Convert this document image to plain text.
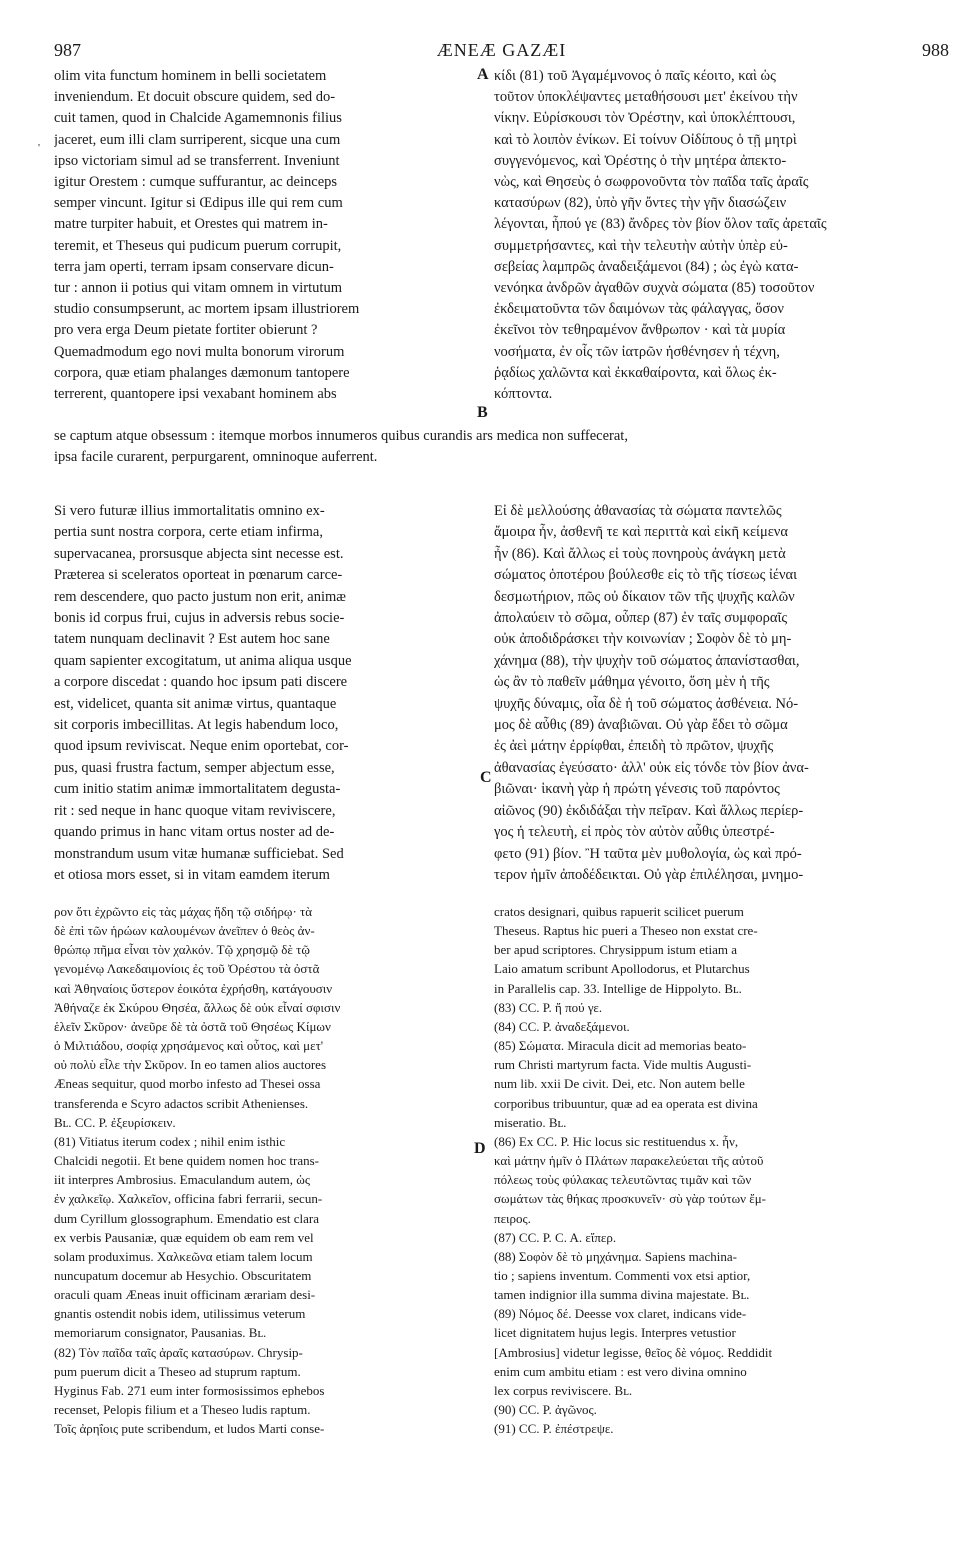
987	ÆNEÆ GAZÆI	988
'
olim vita functum hominem in belli societatem
inveniendum. Et docuit obscure quidem, sed do-
cuit tamen, quod in Chalcide Agamemnonis filius
jaceret, eum illi clam surriperent, sicque una cum
ipso victoriam simul ad se transferrent. Inveniunt
igitur Orestem : cumque suffurantur, ac deinceps
semper vincunt. Igitur si Œdipus ille qui rem cum
matre turpiter habuit, et Orestes qui matrem in-
teremit, et Theseus qui pudicum puerum corrupit,
terra jam operti, terram ipsam conservare dicun-
tur : annon ii potius qui vitam omnem in virtutum
studio consumpserunt, ac mortem ipsam illustriorem
pro vera erga Deum pietate fortiter obierunt ?
Quemadmodum ego novi multa bonorum virorum
corpora, quæ etiam phalanges dæmonum tantopere
terrerent, quantopere ipsi vexabant hominem abs
κίδι (81) τοῦ Ἀγαμέμνονος ὁ παῖς κέοιτο, καὶ ὡς
τοῦτον ὑποκλέψαντες μεταθήσουσι μετ' ἐκείνου τὴν
νίκην. Εὑρίσκουσι τὸν Ὀρέστην, καὶ ὑποκλέπτουσι,
καὶ τὸ λοιπὸν ἐνίκων. Εἰ τοίνυν Οἰδίπους ὁ τῇ μητρὶ
συγγενόμενος, καὶ Ὀρέστης ὁ τὴν μητέρα ἀπεκτο-
νὼς, καὶ Θησεὺς ὁ σωφρονοῦντα τὸν παῖδα ταῖς ἀραῖς
κατασύρων (82), ὑπὸ γῆν ὄντες τὴν γῆν διασώζειν
λέγονται, ἦπού γε (83) ἄνδρες τὸν βίον ὅλον ταῖς ἀρεταῖς
συμμετρήσαντες, καὶ τὴν τελευτὴν αὐτὴν ὑπὲρ εὐ-
σεβείας λαμπρῶς ἀναδειξάμενοι (84) ; ὡς ἐγὼ κατα-
νενόηκα ἀνδρῶν ἀγαθῶν συχνὰ σώματα (85) τοσοῦτον
ἐκδειματοῦντα τῶν δαιμόνων τὰς φάλαγγας, ὅσον
ἐκεῖνοι τὸν τεθηραμένον ἄνθρωπον · καὶ τὰ μυρία
νοσήματα, ἐν οἷς τῶν ἰατρῶν ἡσθένησεν ἡ τέχνη,
ῥᾳδίως χαλῶντα καὶ ἐκκαθαίροντα, καὶ ὅλως ἐκ-
κόπτοντα.
A
B
se captum atque obsessum : itemque morbos innumeros quibus curandis ars medica non suffecerat,
ipsa facile curarent, perpurgarent, omninoque auferrent.
Si vero futuræ illius immortalitatis omnino ex-
pertia sunt nostra corpora, certe etiam infirma,
supervacanea, prorsusque abjecta sint necesse est.
Præterea si sceleratos oporteat in pœnarum carce-
rem descendere, quo pacto justum non erit, animæ
bonis id corpus frui, cujus in adversis rebus socie-
tatem nunquam declinavit ? Est autem hoc sane
quam sapienter excogitatum, ut anima aliqua usque
a corpore discedat : quando hoc ipsum pati discere
est, videlicet, quanta sit animæ virtus, quantaque
sit corporis imbecillitas. At legis habendum loco,
quod ipsum reviviscat. Neque enim oportebat, cor-
pus, quasi frustra factum, semper abjectum esse,
cum initio statim animæ immortalitatem degusta-
rit : sed neque in hanc quoque vitam reviviscere,
quando primus in hanc vitam ortus noster ad de-
monstrandum usum vitæ humanæ sufficiebat. Sed
et otiosa mors esset, si in vitam eamdem iterum
Εἰ δὲ μελλούσης ἀθανασίας τὰ σώματα παντελῶς
ἄμοιρα ἦν, ἀσθενῆ τε καὶ περιττὰ καὶ εἰκῆ κείμενα
ἦν (86). Καὶ ἄλλως εἰ τοὺς πονηροὺς ἀνάγκη μετὰ
σώματος ὁποτέρου βούλεσθε εἰς τὸ τῆς τίσεως ἰέναι
δεσμωτήριον, πῶς οὐ δίκαιον τῶν τῆς ψυχῆς καλῶν
ἀπολαύειν τὸ σῶμα, οὗπερ (87) ἐν ταῖς συμφοραῖς
οὐκ ἀποδιδράσκει τὴν κοινωνίαν ; Σοφὸν δὲ τὸ μη-
χάνημα (88), τὴν ψυχὴν τοῦ σώματος ἀπανίστασθαι,
ὡς ἂν τὸ παθεῖν μάθημα γένοιτο, ὅση μὲν ἡ τῆς
ψυχῆς δύναμις, οἷα δὲ ἡ τοῦ σώματος ἀσθένεια. Νό-
μος δὲ αὖθις (89) ἀναβιῶναι. Οὐ γὰρ ἔδει τὸ σῶμα
ἐς ἀεὶ μάτην ἐρρίφθαι, ἐπειδὴ τὸ πρῶτον, ψυχῆς
ἀθανασίας ἐγεύσατο· ἀλλ' οὐκ εἰς τόνδε τὸν βίον ἀνα-
βιῶναι· ἱκανὴ γὰρ ἡ πρώτη γένεσις τοῦ παρόντος
αἰῶνος (90) ἐκδιδάξαι τὴν πεῖραν. Καὶ ἄλλως περίερ-
γος ἡ τελευτὴ, εἰ πρὸς τὸν αὐτὸν αὖθις ὑπεστρέ-
φετο (91) βίον. Ἢ ταῦτα μὲν μυθολογία, ὡς καὶ πρό-
τερον ἡμῖν ἀποδέδεικται. Οὐ γὰρ ἐπιλέλησαι, μνημο-
C
ρον ὅτι ἐχρῶντο εἰς τὰς μάχας ἤδη τῷ σιδήρῳ· τὰ
δὲ ἐπὶ τῶν ἡρώων καλουμένων ἀνεῖπεν ὁ θεὸς ἀν-
θρώπῳ πῆμα εἶναι τὸν χαλκόν. Τῷ χρησμῷ δὲ τῷ
γενομένῳ Λακεδαιμονίοις ἐς τοῦ Ὀρέστου τὰ ὀστᾶ
καὶ Ἀθηναίοις ὕστερον ἐοικότα ἐχρήσθη, κατάγουσιν
Ἀθήναζε ἐκ Σκύρου Θησέα, ἄλλως δὲ οὐκ εἶναί σφισιν
ἑλεῖν Σκῦρον· ἀνεῦρε δὲ τὰ ὀστᾶ τοῦ Θησέως Κίμων
ὁ Μιλτιάδου, σοφίᾳ χρησάμενος καὶ οὗτος, καὶ μετ'
οὐ πολὺ εἷλε τὴν Σκῦρον. In eo tamen alios auctores
Æneas sequitur, quod morbo infesto ad Thesei ossa
transferenda e Scyro adactos scribit Athenienses.
Bʟ. CC. P. ἐξευρίσκειν.
(81) Vitiatus iterum codex ; nihil enim isthic
Chalcidi negotii. Et bene quidem nomen hoc trans-
iit interpres Ambrosius. Emaculandum autem, ὡς
ἐν χαλκεῖῳ. Χαλκεῖον, officina fabri ferrarii, secun-
dum Cyrillum glossographum. Emendatio est clara
ex verbis Pausaniæ, quæ equidem ob eam rem vel
solam produximus. Χαλκεῶνα etiam talem locum
nuncupatum docemur ab Hesychio. Obscuritatem
oraculi quam Æneas inuit officinam ærariam desi-
gnantis ostendit nobis idem, utilissimus veterum
memoriarum consignator, Pausanias. Bʟ.
(82) Τὸν παῖδα ταῖς ἀραῖς κατασύρων. Chrysip-
pum puerum dicit a Theseo ad stuprum raptum.
Hyginus Fab. 271 eum inter formosissimos ephebos
recenset, Pelopis filium et a Theseo ludis raptum.
Τοῖς ἀρηΐοις pute scribendum, et ludos Marti conse-
cratos designari, quibus rapuerit scilicet puerum
Theseus. Raptus hic pueri a Theseo non exstat cre-
ber apud scriptores. Chrysippum istum etiam a
Laio amatum scribunt Apollodorus, et Plutarchus
in Parallelis cap. 33. Intellige de Hippolyto. Bʟ.
(83) CC. P. ἤ πού γε.
(84) CC. P. ἀναδεξάμενοι.
(85) Σώματα. Miracula dicit ad memorias beato-
rum Christi martyrum facta. Vide multis Augusti-
num lib. xxii De civit. Dei, etc. Non autem belle
corporibus tribuuntur, quæ ad ea operata est divina
miseratio. Bʟ.
(86) Ex CC. P. Hic locus sic restituendus x. ἦν,
καὶ μάτην ἡμῖν ὁ Πλάτων παρακελεύεται τῆς αὐτοῦ
πόλεως τοὺς φύλακας τελευτῶντας τιμᾶν καὶ τῶν
σωμάτων τὰς θήκας προσκυνεῖν· σὺ γὰρ τούτων ἔμ-
πειρος.
(87) CC. P. C. A. εἴπερ.
(88) Σοφὸν δὲ τὸ μηχάνημα. Sapiens machina-
tio ; sapiens inventum. Commenti vox etsi aptior,
tamen indignior illa summa divina majestate. Bʟ.
(89) Νόμος δέ. Deesse vox claret, indicans vide-
licet dignitatem hujus legis. Interpres vetustior
[Ambrosius] videtur legisse, θεῖος δὲ νόμος. Reddidit
enim cum ambitu etiam : est vero divina omnino
lex corpus reviviscere. Bʟ.
(90) CC. P. ἀγῶνος.
(91) CC. P. ἐπέστρεψε.
D
